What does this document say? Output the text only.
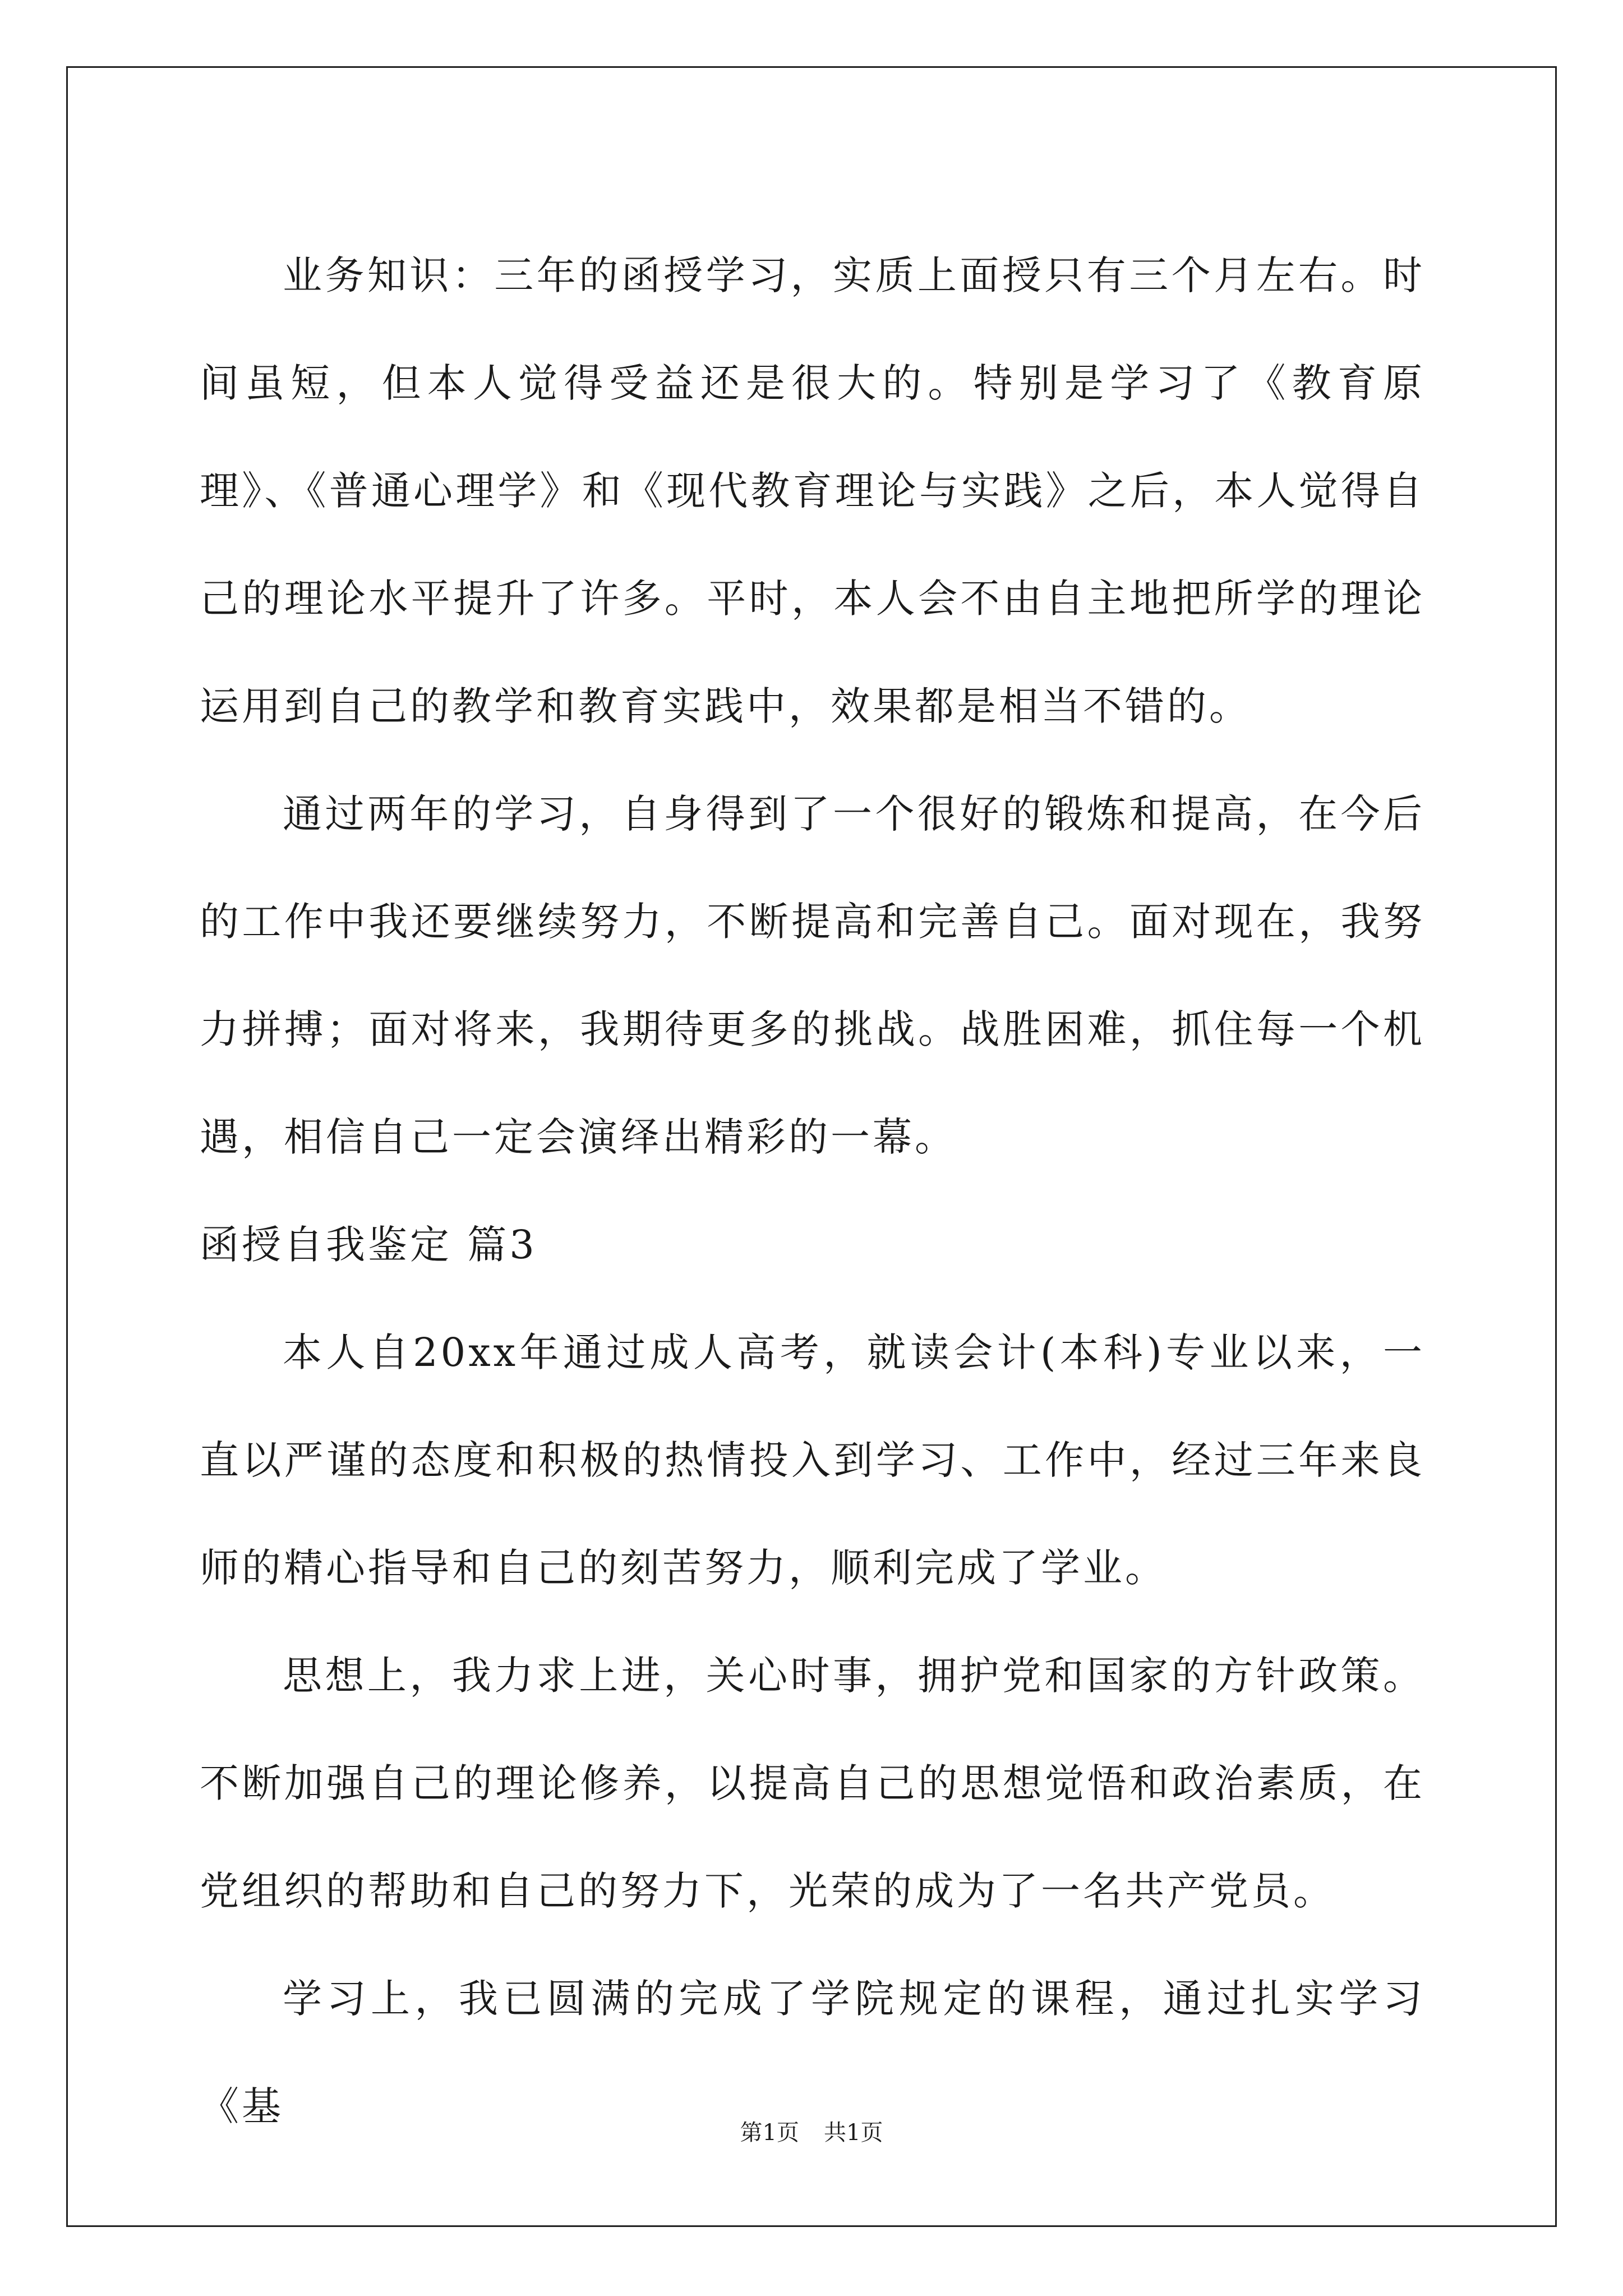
业务知识：三年的函授学习，实质上面授只有三个月左右。时间虽短，但本人觉得受益还是很大的。特别是学习了《教育原理》、《普通心理学》和《现代教育理论与实践》之后，本人觉得自己的理论水平提升了许多。平时，本人会不由自主地把所学的理论运用到自己的教学和教育实践中，效果都是相当不错的。

通过两年的学习，自身得到了一个很好的锻炼和提高，在今后的工作中我还要继续努力，不断提高和完善自己。面对现在，我努力拼搏；面对将来，我期待更多的挑战。战胜困难，抓住每一个机遇，相信自己一定会演绎出精彩的一幕。

函授自我鉴定 篇3

本人自20xx年通过成人高考，就读会计(本科)专业以来，一直以严谨的态度和积极的热情投入到学习、工作中，经过三年来良师的精心指导和自己的刻苦努力，顺利完成了学业。

思想上，我力求上进，关心时事，拥护党和国家的方针政策。不断加强自己的理论修养，以提高自己的思想觉悟和政治素质，在党组织的帮助和自己的努力下，光荣的成为了一名共产党员。

学习上，我已圆满的完成了学院规定的课程，通过扎实学习《基

第1页 共1页
